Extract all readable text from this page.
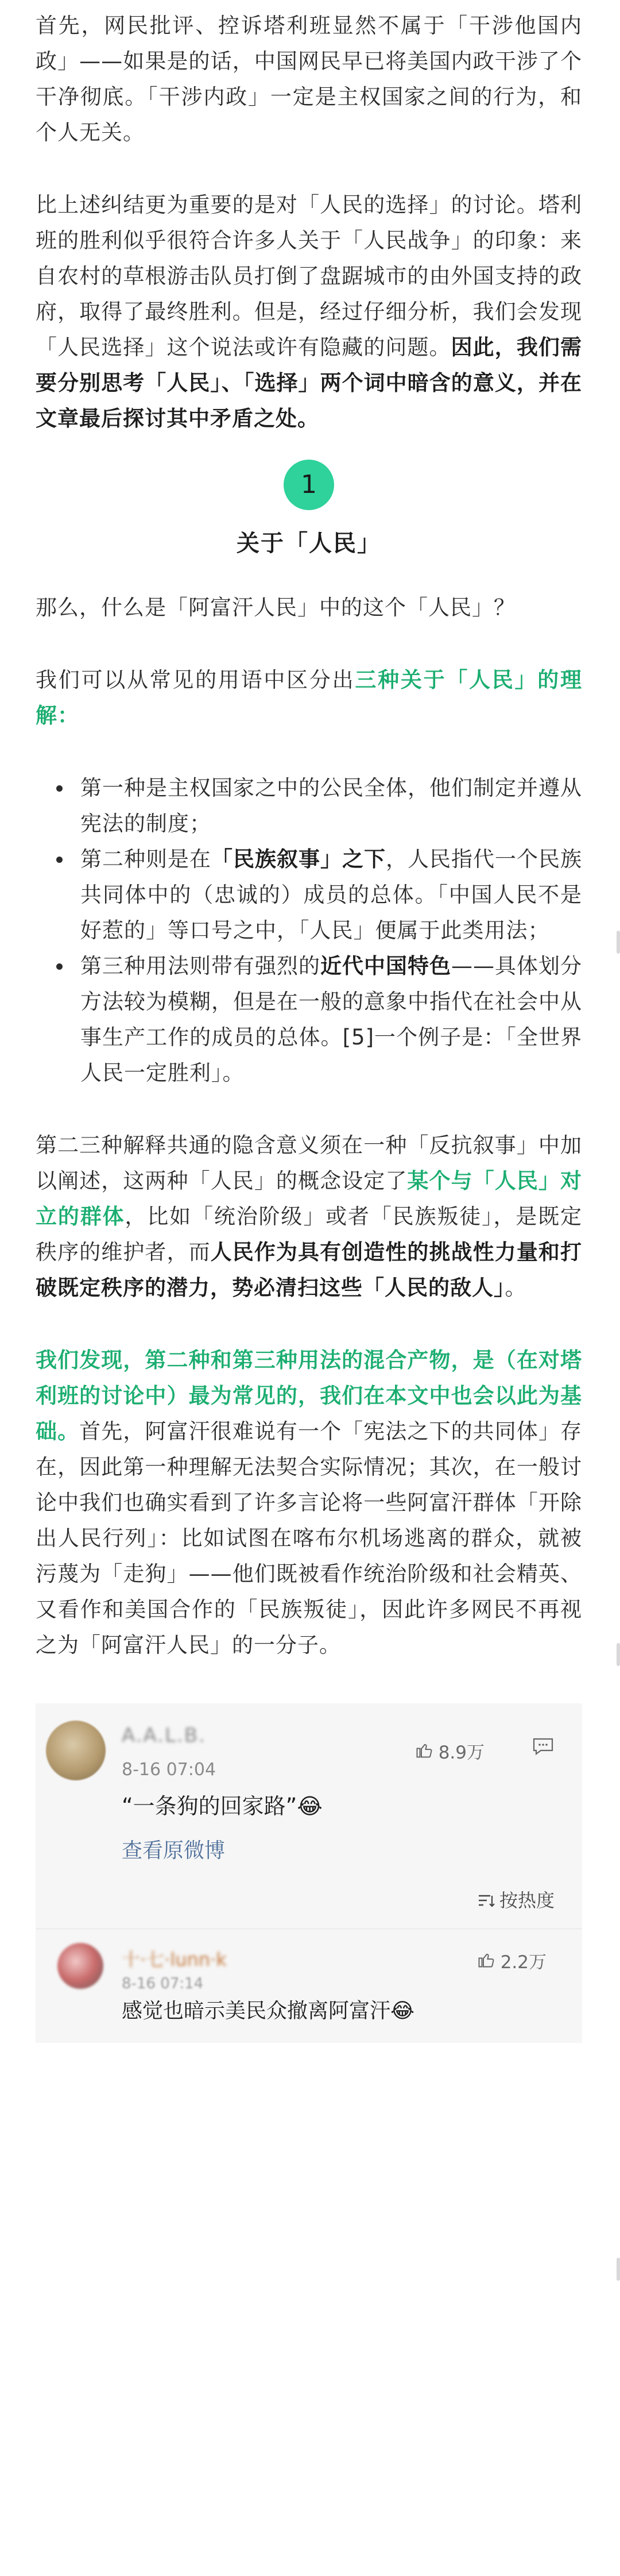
首先，网民批评、控诉塔利班显然不属于「干涉他国内政」——如果是的话，中国网民早已将美国内政干涉了个干净彻底。「干涉内政」一定是主权国家之间的行为，和个人无关。

比上述纠结更为重要的是对「人民的选择」的讨论。塔利班的胜利似乎很符合许多人关于「人民战争」的印象：来自农村的草根游击队员打倒了盘踞城市的由外国支持的政府，取得了最终胜利。但是，经过仔细分析，我们会发现「人民选择」这个说法或许有隐藏的问题。因此，我们需要分别思考「人民」、「选择」两个词中暗含的意义，并在文章最后探讨其中矛盾之处。

1
关于「人民」

那么，什么是「阿富汗人民」中的这个「人民」？

我们可以从常见的用语中区分出三种关于「人民」的理解：

第一种是主权国家之中的公民全体，他们制定并遵从宪法的制度；
第二种则是在「民族叙事」之下，人民指代一个民族共同体中的（忠诚的）成员的总体。「中国人民不是好惹的」等口号之中，「人民」便属于此类用法；
第三种用法则带有强烈的近代中国特色——具体划分方法较为模糊，但是在一般的意象中指代在社会中从事生产工作的成员的总体。[5]一个例子是：「全世界人民一定胜利」。

第二三种解释共通的隐含意义须在一种「反抗叙事」中加以阐述，这两种「人民」的概念设定了某个与「人民」对立的群体，比如「统治阶级」或者「民族叛徒」，是既定秩序的维护者，而人民作为具有创造性的挑战性力量和打破既定秩序的潜力，势必清扫这些「人民的敌人」。

我们发现，第二种和第三种用法的混合产物，是（在对塔利班的讨论中）最为常见的，我们在本文中也会以此为基础。首先，阿富汗很难说有一个「宪法之下的共同体」存在，因此第一种理解无法契合实际情况；其次，在一般讨论中我们也确实看到了许多言论将一些阿富汗群体「开除出人民行列」：比如试图在喀布尔机场逃离的群众，就被污蔑为「走狗」——他们既被看作统治阶级和社会精英、又看作和美国合作的「民族叛徒」，因此许多网民不再视之为「阿富汗人民」的一分子。

A.A.L.B.
8-16 07:04
“一条狗的回家路”😂
查看原微博
8.9万
按热度
十·七·lunn·k
8-16 07:14
感觉也暗示美民众撤离阿富汗😂
2.2万
